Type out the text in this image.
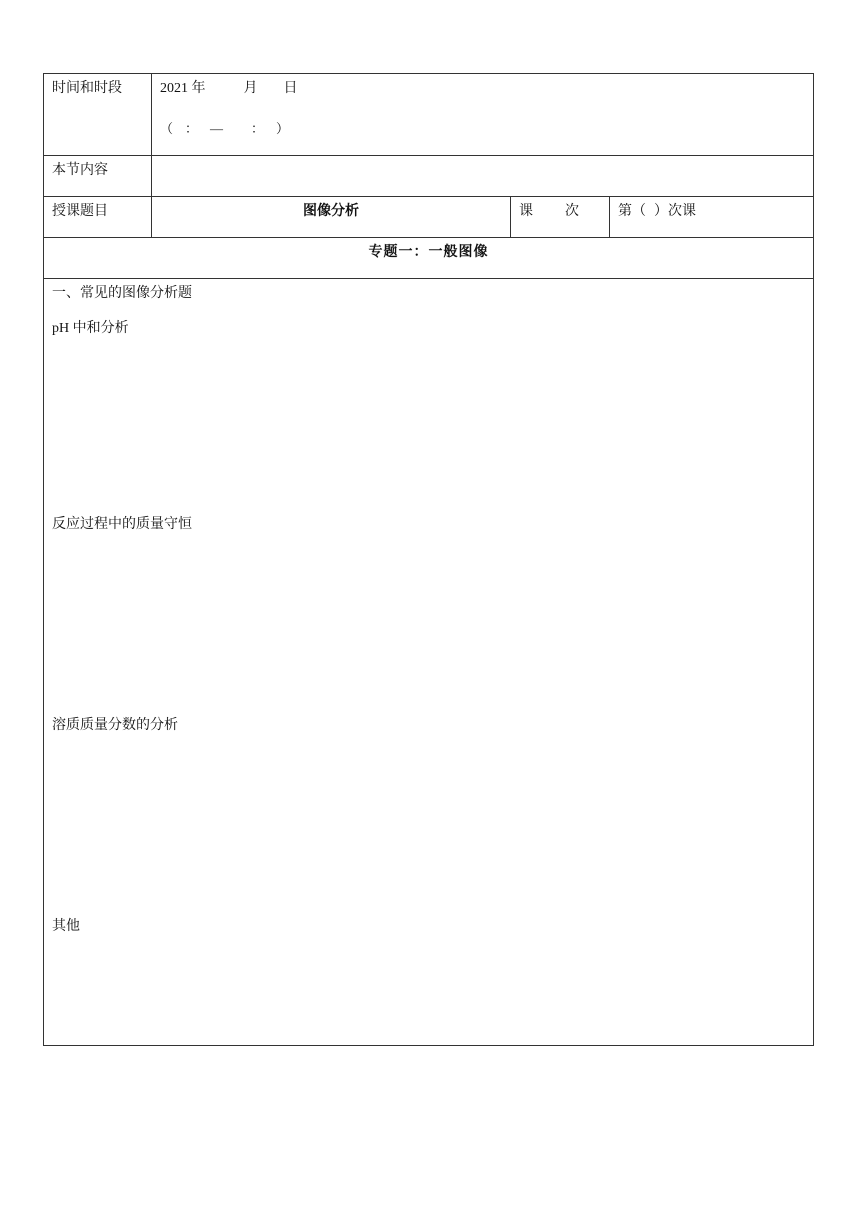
时间和时段	2021 年 月 日
（ ： — ： ）		

本节内容			

授课题目	图像分析	课 次	第（ ）次课

专题一：一般图像			

一、常见的图像分析题
pH 中和分析
反应过程中的质量守恒
溶质质量分数的分析
其他			
